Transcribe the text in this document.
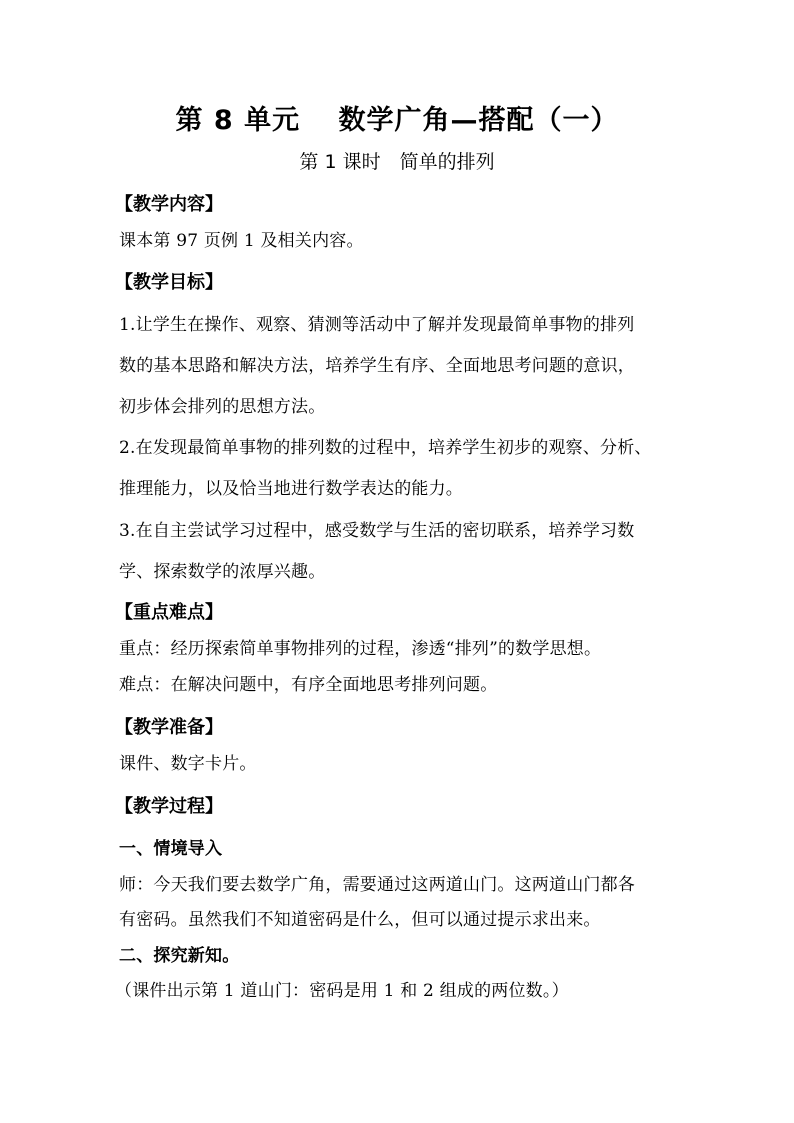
第 8 单元　 数学广角—搭配（一）
第 1 课时　简单的排列
【教学内容】
课本第 97 页例 1 及相关内容。
【教学目标】
1.让学生在操作、观察、猜测等活动中了解并发现最简单事物的排列
数的基本思路和解决方法，培养学生有序、全面地思考问题的意识，
初步体会排列的思想方法。
2.在发现最简单事物的排列数的过程中，培养学生初步的观察、分析、
推理能力，以及恰当地进行数学表达的能力。
3.在自主尝试学习过程中，感受数学与生活的密切联系，培养学习数
学、探索数学的浓厚兴趣。
【重点难点】
重点：经历探索简单事物排列的过程，渗透“排列”的数学思想。
难点：在解决问题中，有序全面地思考排列问题。
【教学准备】
课件、数字卡片。
【教学过程】
一、情境导入
师：今天我们要去数学广角，需要通过这两道山门。这两道山门都各
有密码。虽然我们不知道密码是什么，但可以通过提示求出来。
二、探究新知。
（课件出示第 1 道山门：密码是用 1 和 2 组成的两位数。）
